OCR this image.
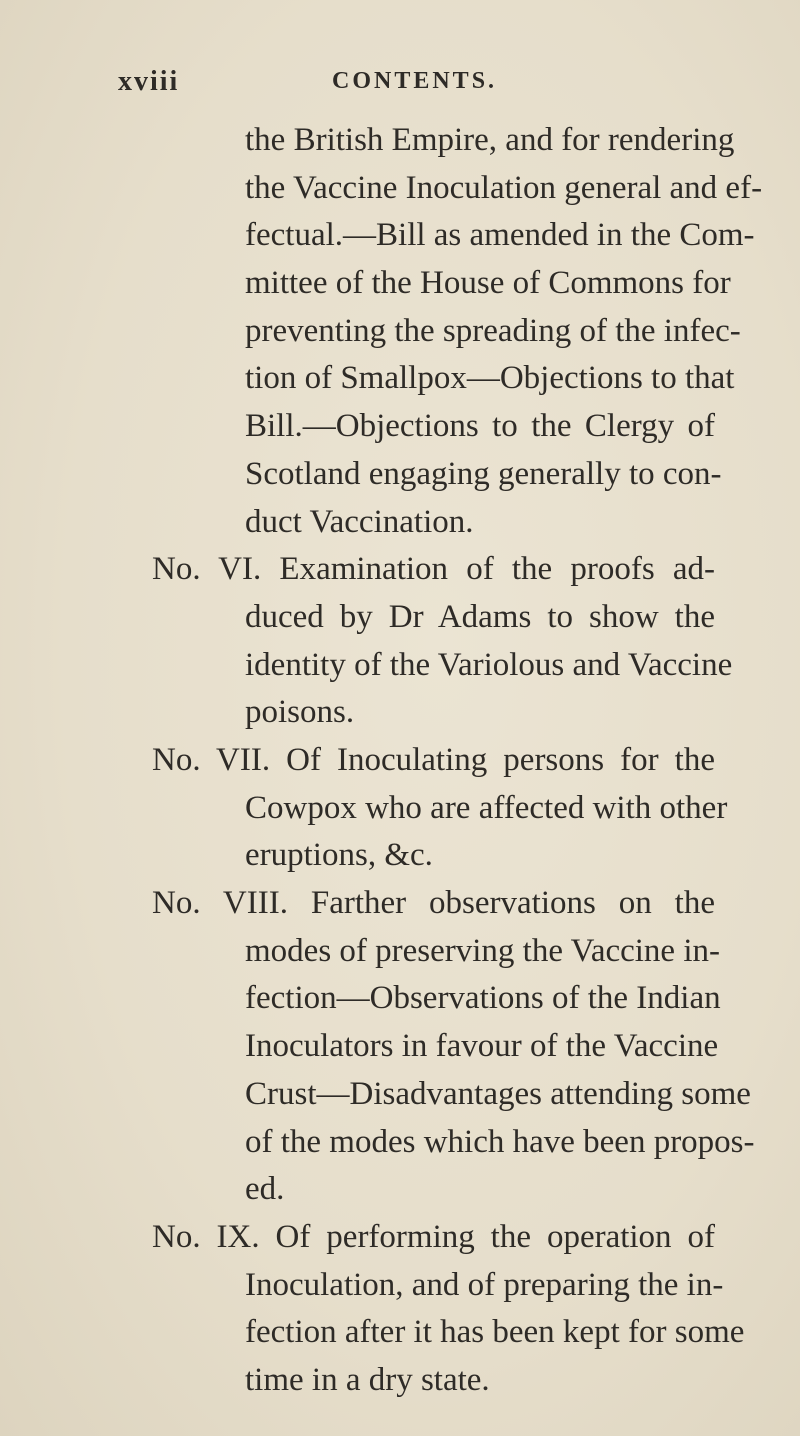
xviii	CONTENTS.
the British Empire, and for rendering
the Vaccine Inoculation general and ef-
fectual.—Bill as amended in the Com-
mittee of the House of Commons for
preventing the spreading of the infec-
tion of Smallpox—Objections to that
Bill.—Objections to the Clergy of
Scotland engaging generally to con-
duct Vaccination.
No. VI. Examination of the proofs ad-
duced by Dr Adams to show the
identity of the Variolous and Vaccine
poisons.
No. VII. Of Inoculating persons for the
Cowpox who are affected with other
eruptions, &c.
No. VIII. Farther observations on the
modes of preserving the Vaccine in-
fection—Observations of the Indian
Inoculators in favour of the Vaccine
Crust—Disadvantages attending some
of the modes which have been propos-
ed.
No. IX. Of performing the operation of
Inoculation, and of preparing the in-
fection after it has been kept for some
time in a dry state.
